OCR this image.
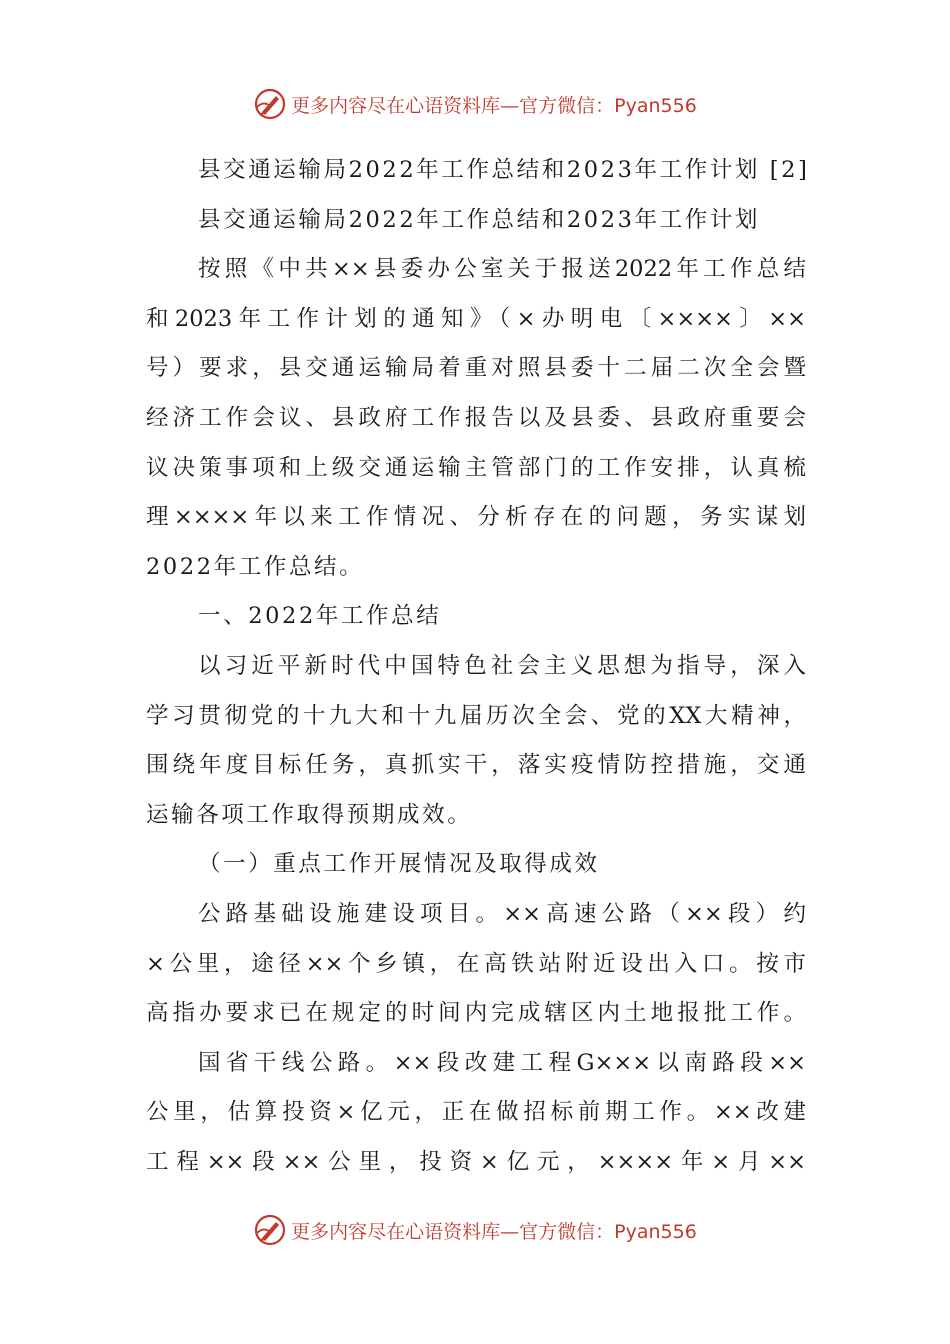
更多内容尽在心语资料库—官方微信：Pyan556
县交通运输局2022年工作总结和2023年工作计划 [2]
县交通运输局2022年工作总结和2023年工作计划
按照《中共××县委办公室关于报送2022年工作总结
和2023年工作计划的通知》（×办明电〔××××〕××
号）要求，县交通运输局着重对照县委十二届二次全会暨
经济工作会议、县政府工作报告以及县委、县政府重要会
议决策事项和上级交通运输主管部门的工作安排，认真梳
理××××年以来工作情况、分析存在的问题，务实谋划
2022年工作总结。
一、2022年工作总结
以习近平新时代中国特色社会主义思想为指导，深入
学习贯彻党的十九大和十九届历次全会、党的XX大精神，
围绕年度目标任务，真抓实干，落实疫情防控措施，交通
运输各项工作取得预期成效。
（一）重点工作开展情况及取得成效
公路基础设施建设项目。××高速公路（××段）约
×公里，途径××个乡镇，在高铁站附近设出入口。按市
高指办要求已在规定的时间内完成辖区内土地报批工作。
国省干线公路。××段改建工程G×××以南路段××
公里，估算投资×亿元，正在做招标前期工作。××改建
工程××段××公里，投资×亿元，××××年×月××
更多内容尽在心语资料库—官方微信：Pyan556
